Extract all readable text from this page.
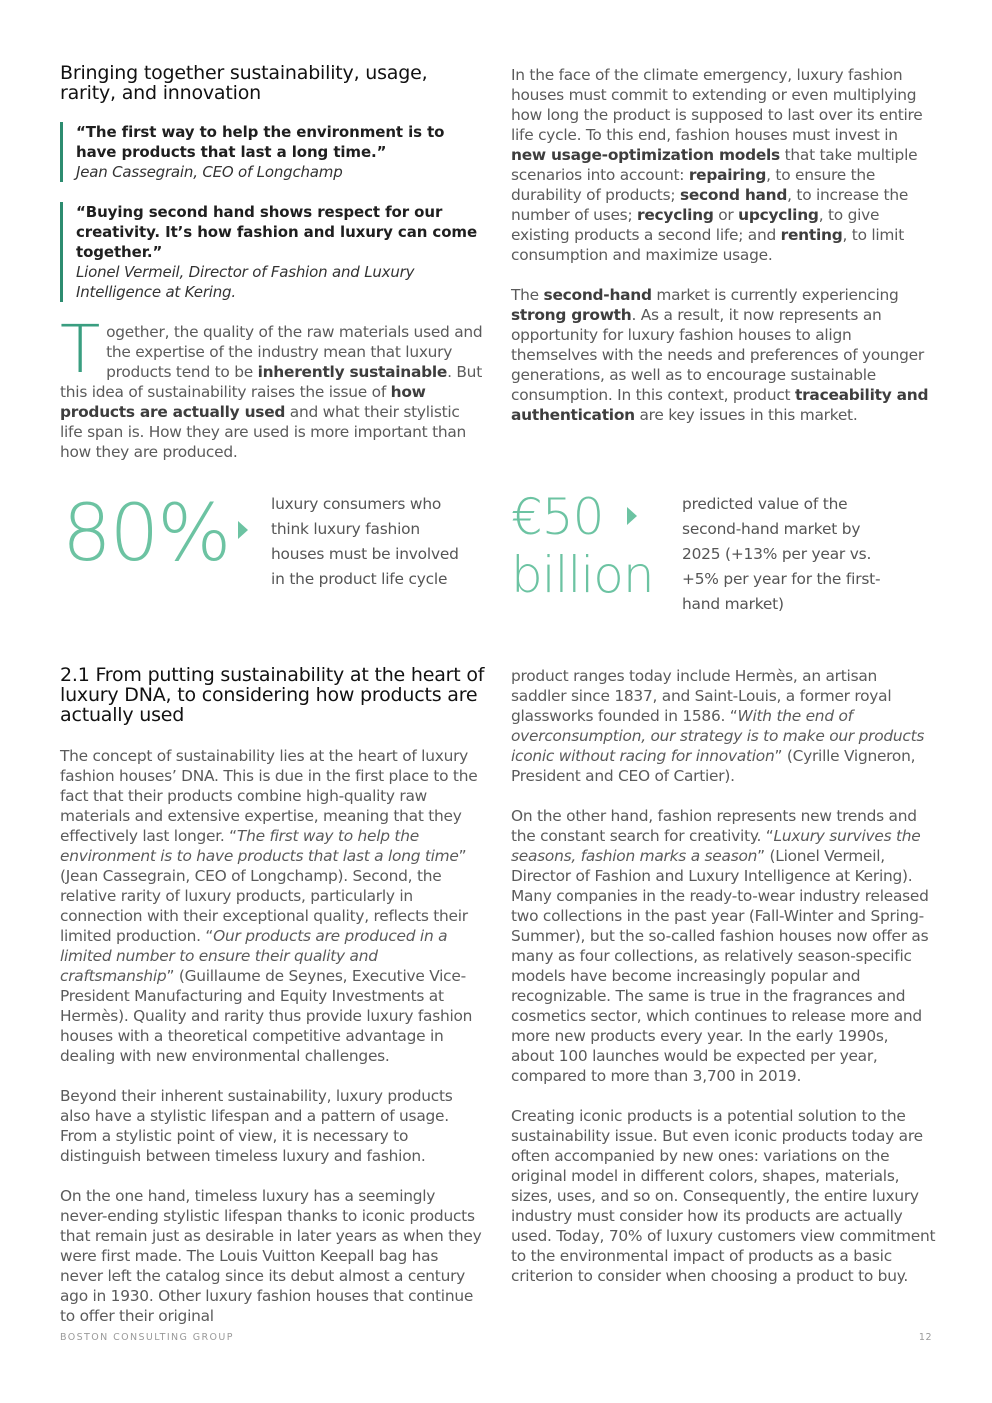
Bringing together sustainability, usage, rarity, and innovation
“The first way to help the environment is to have products that last a long time.”
Jean Cassegrain, CEO of Longchamp
“Buying second hand shows respect for our creativity. It’s how fashion and luxury can come together.”
Lionel Vermeil, Director of Fashion and Luxury Intelligence at Kering.

Together, the quality of the raw materials used and the expertise of the industry mean that luxury products tend to be inherently sustainable. But this idea of sustainability raises the issue of how products are actually used and what their stylistic life span is. How they are used is more important than how they are produced.

In the face of the climate emergency, luxury fashion houses must commit to extending or even multiplying how long the product is supposed to last over its entire life cycle. To this end, fashion houses must invest in new usage-optimization models that take multiple scenarios into account: repairing, to ensure the durability of products; second hand, to increase the number of uses; recycling or upcycling, to give existing products a second life; and renting, to limit consumption and maximize usage.

The second-hand market is currently experiencing strong growth. As a result, it now represents an opportunity for luxury fashion houses to align themselves with the needs and preferences of younger generations, as well as to encourage sustainable consumption. In this context, product traceability and authentication are key issues in this market.

80%	luxury consumers who
think luxury fashion
houses must be involved
in the product life cycle
€50
billion
predicted value of the
second-hand market by
2025 (+13% per year vs.
+5% per year for the first-
hand market)
2.1 From putting sustainability at the heart of luxury DNA, to considering how products are actually used

The concept of sustainability lies at the heart of luxury fashion houses’ DNA. This is due in the first place to the fact that their products combine high-quality raw materials and extensive expertise, meaning that they effectively last longer. “The first way to help the environment is to have products that last a long time” (Jean Cassegrain, CEO of Longchamp). Second, the relative rarity of luxury products, particularly in connection with their exceptional quality, reflects their limited production. “Our products are produced in a limited number to ensure their quality and craftsmanship” (Guillaume de Seynes, Executive Vice-President Manufacturing and Equity Investments at Hermès). Quality and rarity thus provide luxury fashion houses with a theoretical competitive advantage in dealing with new environmental challenges.

Beyond their inherent sustainability, luxury products also have a stylistic lifespan and a pattern of usage. From a stylistic point of view, it is necessary to distinguish between timeless luxury and fashion.

On the one hand, timeless luxury has a seemingly never-ending stylistic lifespan thanks to iconic products that remain just as desirable in later years as when they were first made. The Louis Vuitton Keepall bag has never left the catalog since its debut almost a century ago in 1930. Other luxury fashion houses that continue to offer their original

product ranges today include Hermès, an artisan saddler since 1837, and Saint-Louis, a former royal glassworks founded in 1586. “With the end of overconsumption, our strategy is to make our products iconic without racing for innovation” (Cyrille Vigneron, President and CEO of Cartier).

On the other hand, fashion represents new trends and the constant search for creativity. “Luxury survives the seasons, fashion marks a season” (Lionel Vermeil, Director of Fashion and Luxury Intelligence at Kering). Many companies in the ready-to-wear industry released two collections in the past year (Fall-Winter and Spring-Summer), but the so-called fashion houses now offer as many as four collections, as relatively season-specific models have become increasingly popular and recognizable. The same is true in the fragrances and cosmetics sector, which continues to release more and more new products every year. In the early 1990s, about 100 launches would be expected per year, compared to more than 3,700 in 2019.

Creating iconic products is a potential solution to the sustainability issue. But even iconic products today are often accompanied by new ones: variations on the original model in different colors, shapes, materials, sizes, uses, and so on. Consequently, the entire luxury industry must consider how its products are actually used. Today, 70% of luxury customers view commitment to the environmental impact of products as a basic criterion to consider when choosing a product to buy.

BOSTON CONSULTING GROUP	12
